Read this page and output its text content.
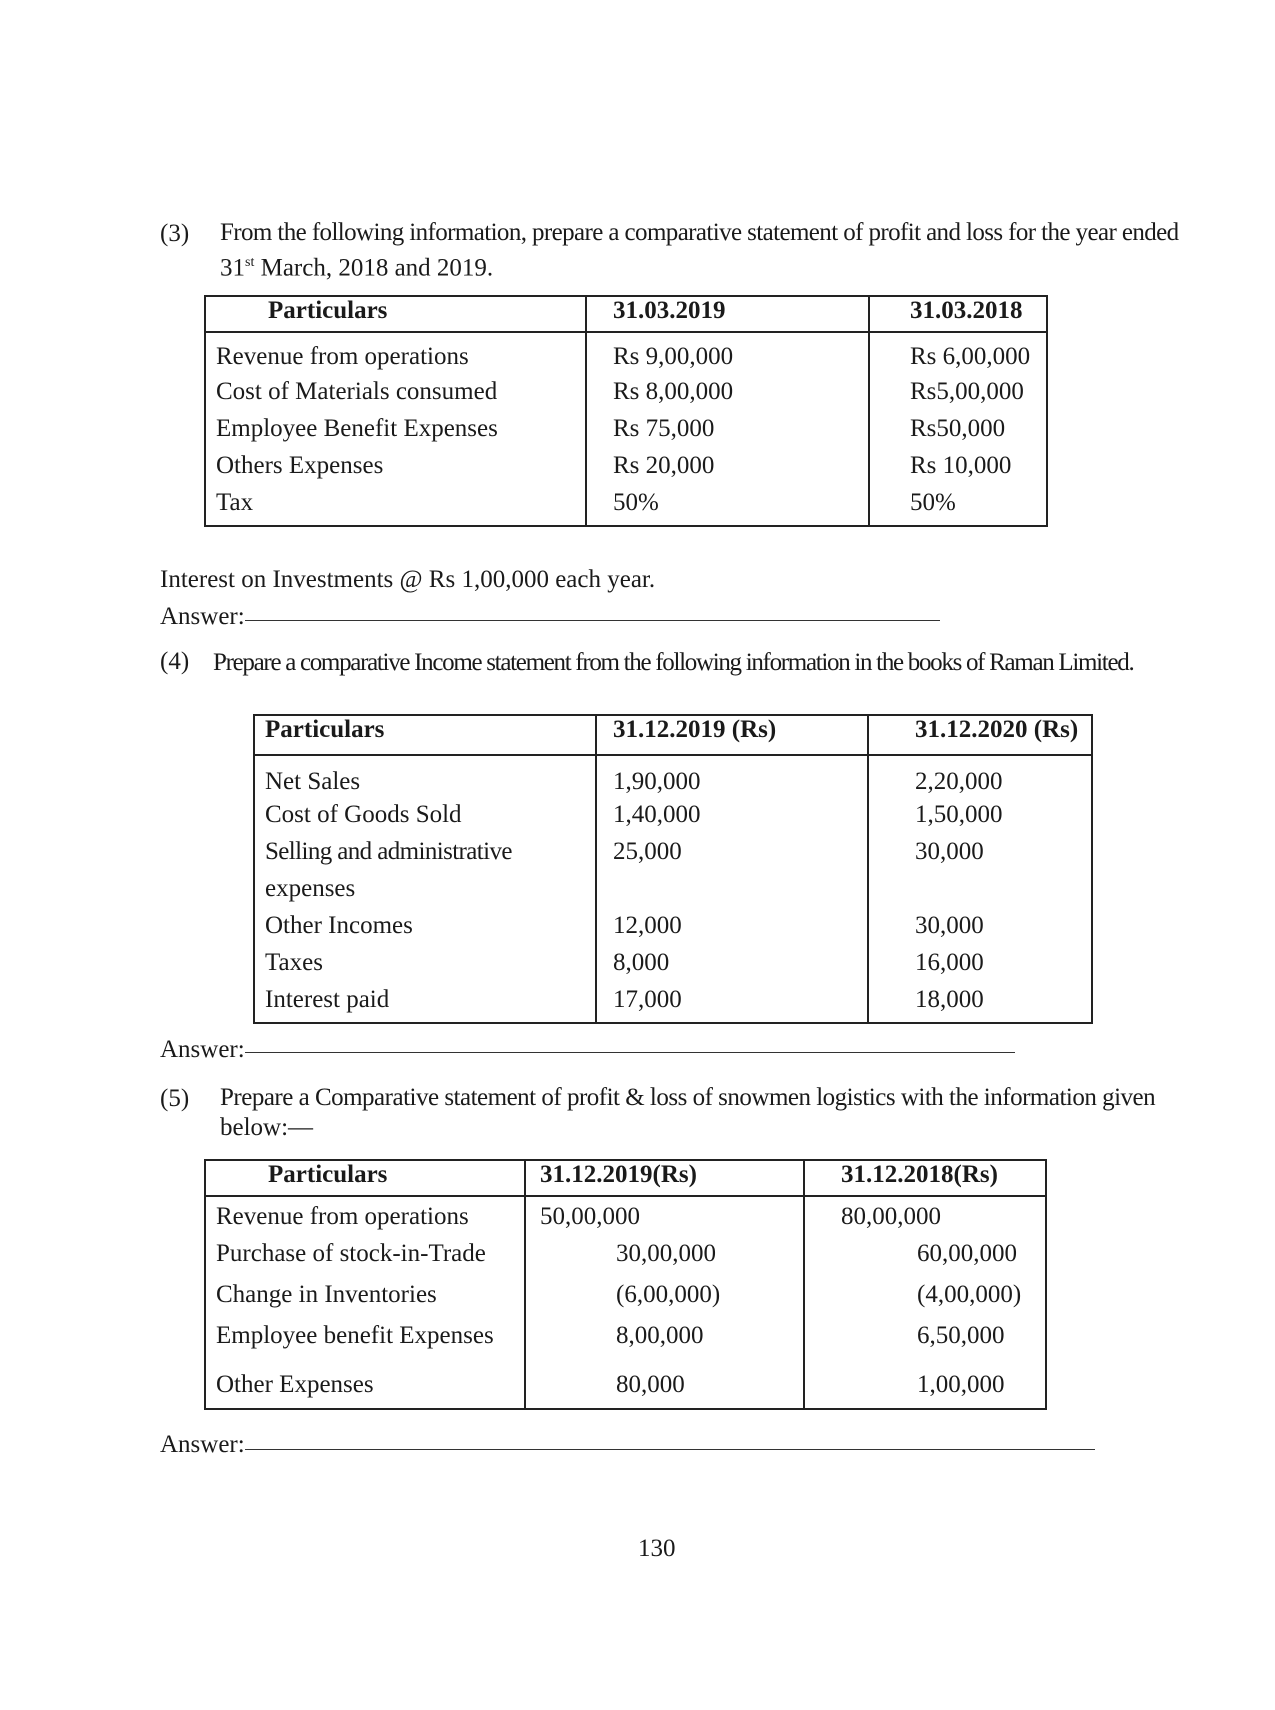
(3) From the following information, prepare a comparative statement of profit and loss for the year ended
31st March, 2018 and 2019.
Particulars	31.03.2019	31.03.2018
Revenue from operations	Rs 9,00,000	Rs 6,00,000
Cost of Materials consumed	Rs 8,00,000	Rs5,00,000
Employee Benefit Expenses	Rs 75,000	Rs50,000
Others Expenses	Rs 20,000	Rs 10,000
Tax	50%	50%
Interest on Investments @ Rs 1,00,000 each year.
Answer:
(4) Prepare a comparative Income statement from the following information in the books of Raman Limited.
Particulars	31.12.2019 (Rs)	31.12.2020 (Rs)
Net Sales	1,90,000	2,20,000
Cost of Goods Sold	1,40,000	1,50,000
Selling and administrative	25,000	30,000
expenses		
Other Incomes	12,000	30,000
Taxes	8,000	16,000
Interest paid	17,000	18,000
Answer:
(5) Prepare a Comparative statement of profit & loss of snowmen logistics with the information given
below:—
Particulars	31.12.2019(Rs)	31.12.2018(Rs)
Revenue from operations	50,00,000	80,00,000
Purchase of stock-in-Trade	30,00,000	60,00,000
Change in Inventories	(6,00,000)	(4,00,000)
Employee benefit Expenses	8,00,000	6,50,000
Other Expenses	80,000	1,00,000
Answer:
130
